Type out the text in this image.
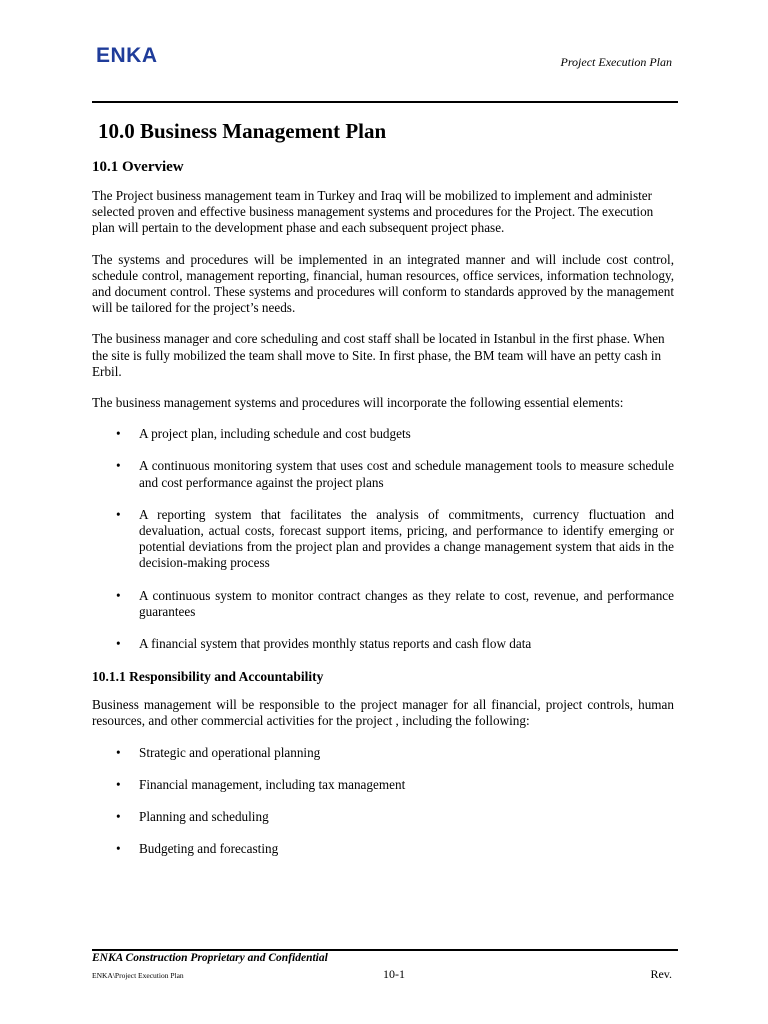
ENKA	Project Execution Plan
10.0 Business Management Plan
10.1 Overview

The Project business management team in Turkey and Iraq will be mobilized to implement and administer selected proven and effective business management systems and procedures for the Project. The execution plan will pertain to the development phase and each subsequent project phase.

The systems and procedures will be implemented in an integrated manner and will include cost control, schedule control, management reporting, financial, human resources, office services, information technology, and document control. These systems and procedures will conform to standards approved by the management will be tailored for the project’s needs.

The business manager and core scheduling and cost staff shall be located in Istanbul in the first phase. When the site is fully mobilized the team shall move to Site. In first phase, the BM team will have an petty cash in Erbil.

The business management systems and procedures will incorporate the following essential elements:

• A project plan, including schedule and cost budgets
• A continuous monitoring system that uses cost and schedule management tools to measure schedule and cost performance against the project plans
• A reporting system that facilitates the analysis of commitments, currency fluctuation and devaluation, actual costs, forecast support items, pricing, and performance to identify emerging or potential deviations from the project plan and provides a change management system that aids in the decision-making process
• A continuous system to monitor contract changes as they relate to cost, revenue, and performance guarantees
• A financial system that provides monthly status reports and cash flow data
10.1.1 Responsibility and Accountability

Business management will be responsible to the project manager for all financial, project controls, human resources, and other commercial activities for the project , including the following:

• Strategic and operational planning
• Financial management, including tax management
• Planning and scheduling
• Budgeting and forecasting
ENKA Construction Proprietary and Confidential
ENKA\Project Execution Plan	10-1	Rev.
